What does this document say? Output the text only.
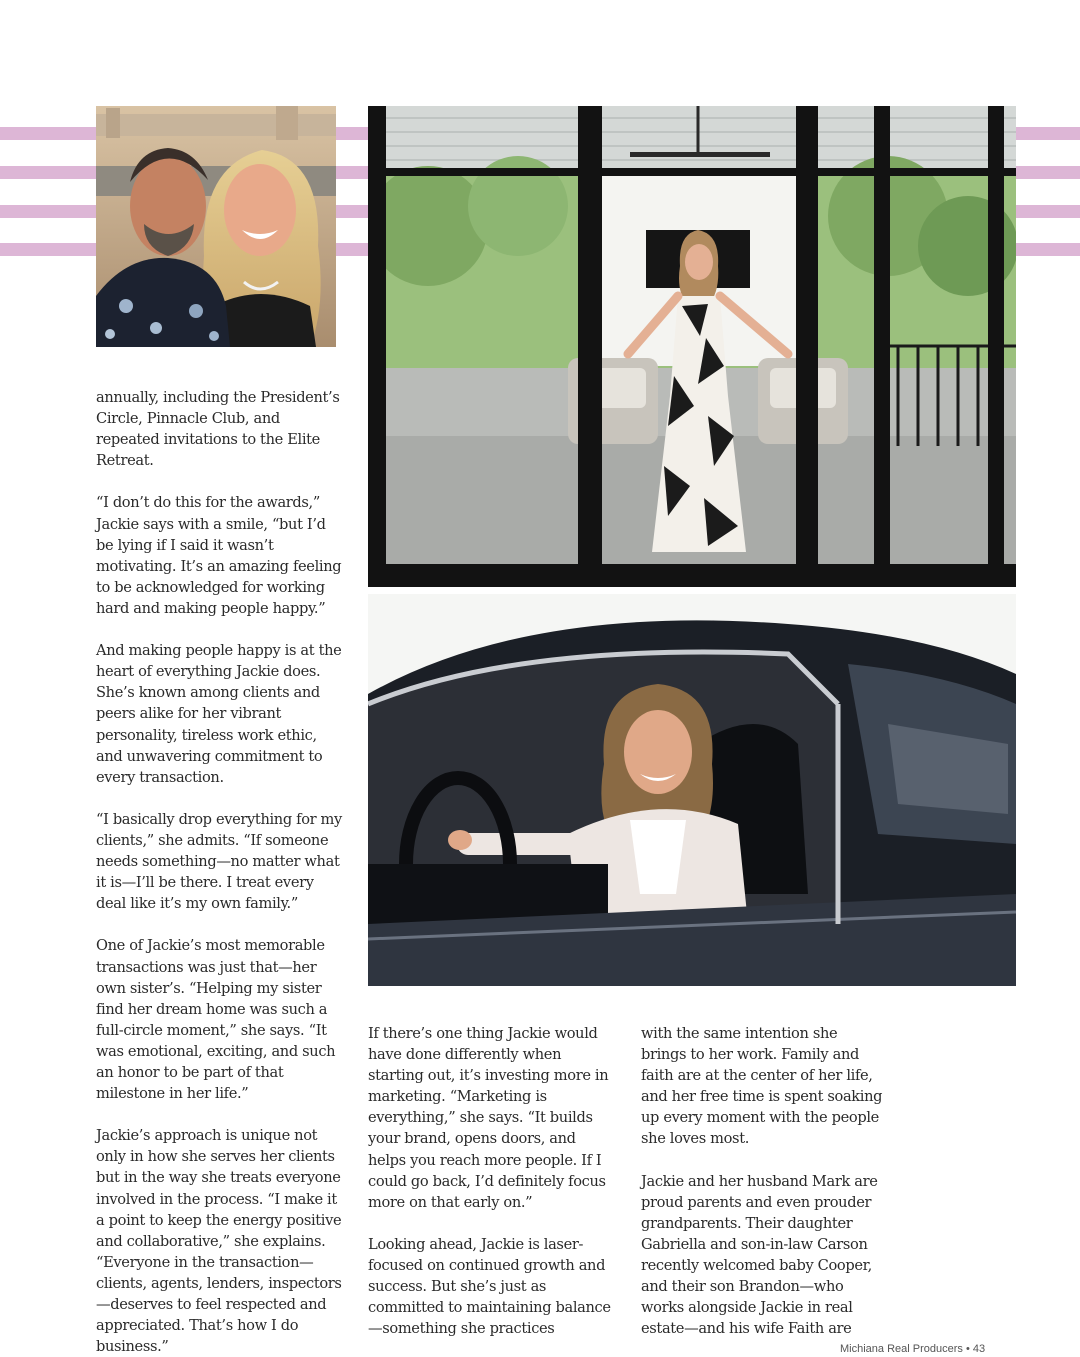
annually, including the President’s Circle, Pinnacle Club, and repeated invitations to the Elite Retreat.

“I don’t do this for the awards,” Jackie says with a smile, “but I’d be lying if I said it wasn’t motivating. It’s an amazing feeling to be acknowledged for working hard and making people happy.”

And making people happy is at the heart of everything Jackie does. She’s known among clients and peers alike for her vibrant personality, tireless work ethic, and unwavering commitment to every transaction.

“I basically drop everything for my clients,” she admits. “If someone needs something—no matter what it is—I’ll be there. I treat every deal like it’s my own family.”

One of Jackie’s most memorable transactions was just that—her own sister’s. “Helping my sister find her dream home was such a full-circle moment,” she says. “It was emotional, exciting, and such an honor to be part of that milestone in her life.”

Jackie’s approach is unique not only in how she serves her clients but in the way she treats everyone involved in the process. “I make it a point to keep the energy positive and collaborative,” she explains. “Everyone in the transaction—clients, agents, lenders, inspectors—deserves to feel respected and appreciated. That’s how I do business.”

If there’s one thing Jackie would have done differently when starting out, it’s investing more in marketing. “Marketing is everything,” she says. “It builds your brand, opens doors, and helps you reach more people. If I could go back, I’d definitely focus more on that early on.”

Looking ahead, Jackie is laser-focused on continued growth and success. But she’s just as committed to maintaining balance—something she practices

with the same intention she brings to her work. Family and faith are at the center of her life, and her free time is spent soaking up every moment with the people she loves most.

Jackie and her husband Mark are proud parents and even prouder grandparents. Their daughter Gabriella and son-in-law Carson recently welcomed baby Cooper, and their son Brandon—who works alongside Jackie in real estate—and his wife Faith are

Michiana Real Producers • 43
